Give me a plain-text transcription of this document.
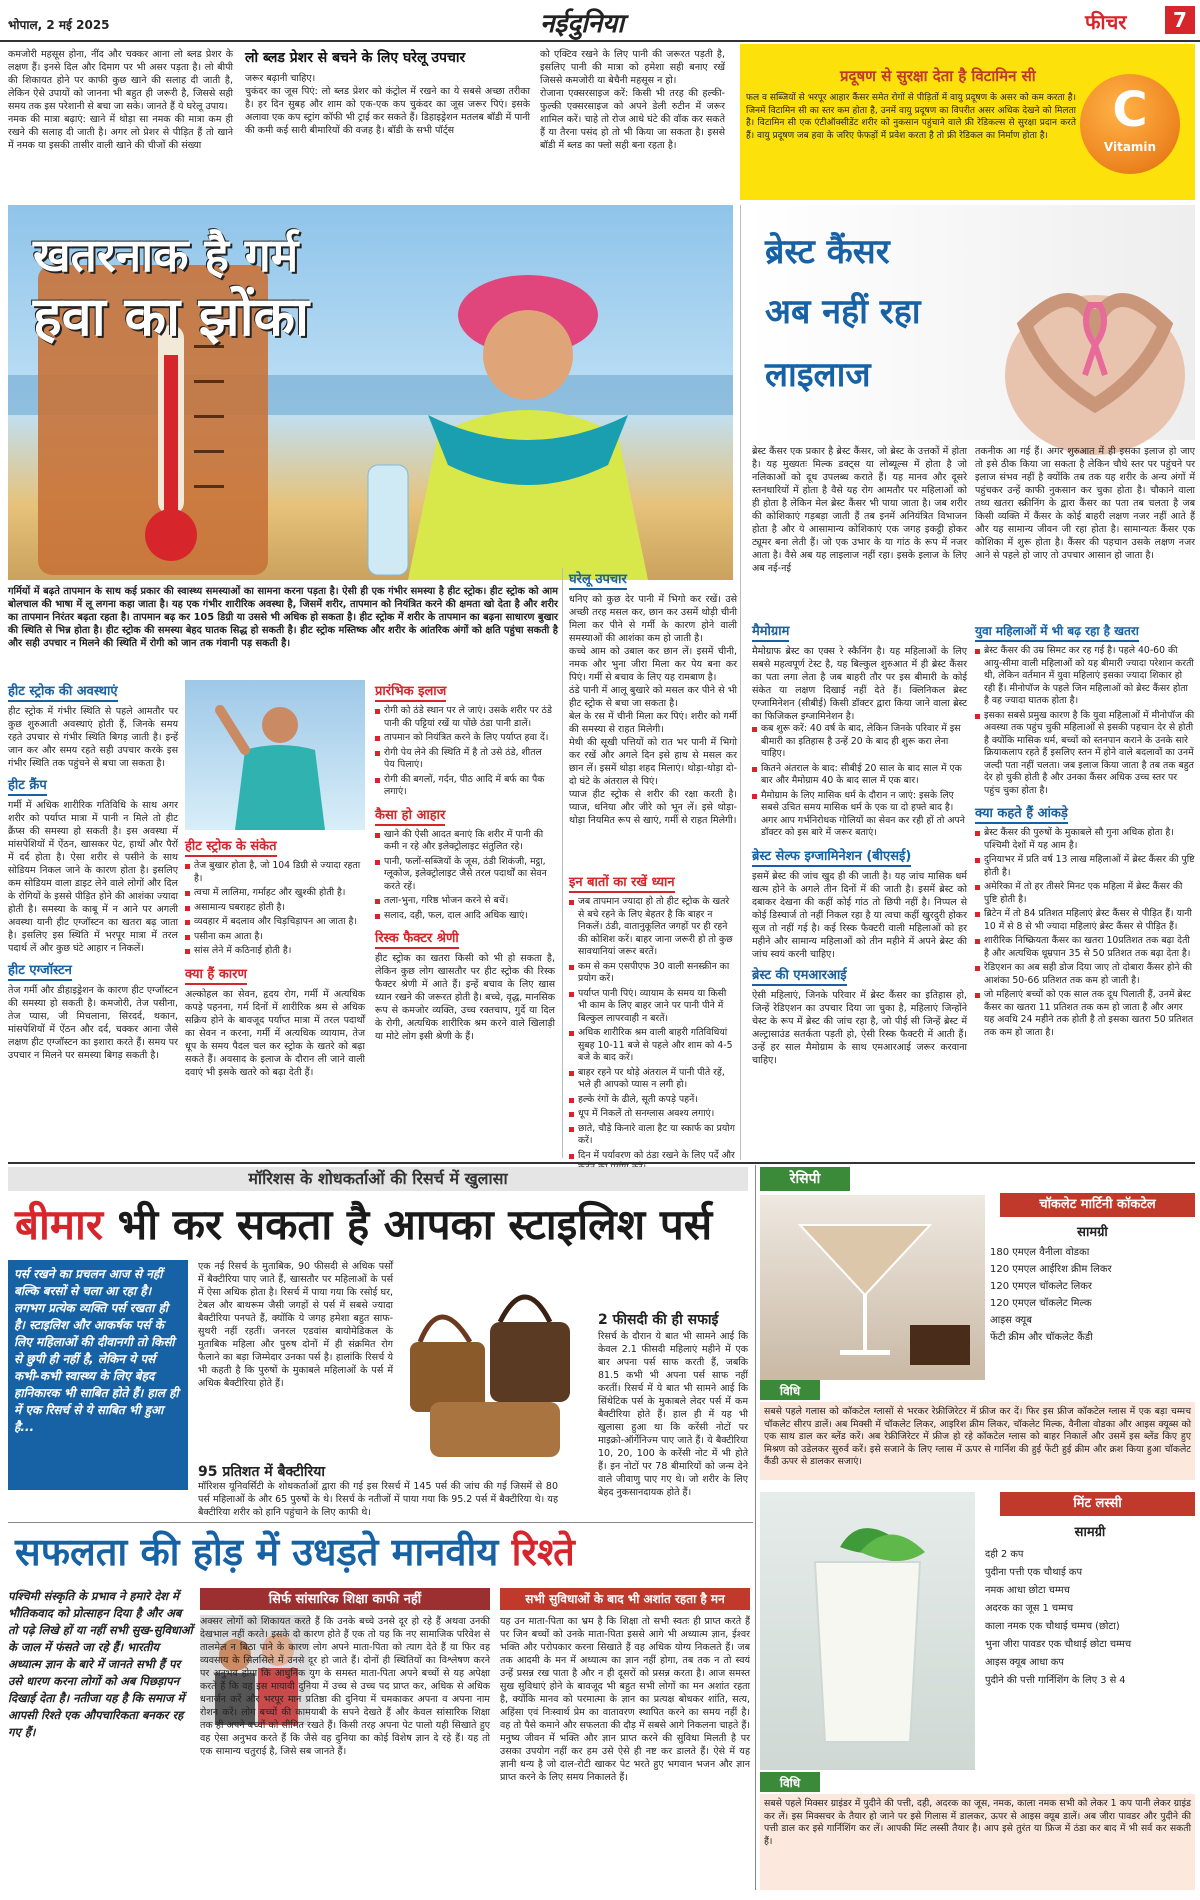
भोपाल, 2 मई 2025	नईदुनिया	फीचर	7
कमजोरी महसूस होना, नींद और चक्कर आना लो ब्लड प्रेशर के लक्षण हैं। इनसे दिल और दिमाग पर भी असर पड़ता है। लो बीपी की शिकायत होने पर काफी कुछ खाने की सलाह दी जाती है, लेकिन ऐसे उपायों को जानना भी बहुत ही जरूरी है, जिससे सही समय तक इस परेशानी से बचा जा सके। जानते हैं ये घरेलू उपाय।
नमक की मात्रा बढ़ाएं: खाने में थोड़ा सा नमक की मात्रा कम ही रखने की सलाह दी जाती है। अगर लो प्रेशर से पीड़ित हैं तो खाने में नमक या इसकी तासीर वाली खाने की चीजों की संख्या
लो ब्लड प्रेशर से बचने के लिए घरेलू उपचार
जरूर बढ़ानी चाहिए।
चुकंदर का जूस पिएं: लो ब्लड प्रेशर को कंट्रोल में रखने का ये सबसे अच्छा तरीका है। हर दिन सुबह और शाम को एक-एक कप चुकंदर का जूस जरूर पिएं। इसके अलावा एक कप स्ट्रांग कॉफी भी ट्राई कर सकते हैं। डिहाइड्रेशन मतलब बॉडी में पानी की कमी कई सारी बीमारियों की वजह है। बॉडी के सभी पॉर्ट्स
को एक्टिव रखने के लिए पानी की जरूरत पड़ती है, इसलिए पानी की मात्रा को हमेशा सही बनाए रखें जिससे कमजोरी या बेचैनी महसूस न हो।
रोजाना एक्सरसाइज करें: किसी भी तरह की हल्की-फुल्की एक्सरसाइज को अपने डेली रुटीन में जरूर शामिल करें। चाहे तो रोज आधे घंटे की वॉक कर सकते हैं या तैरना पसंद हो तो भी किया जा सकता है। इससे बॉडी में ब्लड का फ्लो सही बना रहता है।
प्रदूषण से सुरक्षा देता है विटामिन सी
फल व सब्जियों से भरपूर आहार कैंसर समेत रोगों से पीड़ितों में वायु प्रदूषण के असर को कम करता है। जिनमें विटामिन सी का स्तर कम होता है, उनमें वायु प्रदूषण का विपरीत असर अधिक देखने को मिलता है। विटामिन सी एक एंटीऑक्सीडेंट शरीर को नुकसान पहुंचाने वाले फ्री रेडिकल्स से सुरक्षा प्रदान करते हैं। वायु प्रदूषण जब हवा के जरिए फेफड़ों में प्रवेश करता है तो फ्री रेडिकल का निर्माण होता है।	C
Vitamin
खतरनाक है गर्म
हवा का झोंका
गर्मियों में बढ़ते तापमान के साथ कई प्रकार की स्वास्थ्य समस्याओं का सामना करना पड़ता है। ऐसी ही एक गंभीर समस्या है हीट स्ट्रोक। हीट स्ट्रोक को आम बोलचाल की भाषा में लू लगना कहा जाता है। यह एक गंभीर शारीरिक अवस्था है, जिसमें शरीर, तापमान को नियंत्रित करने की क्षमता खो देता है और शरीर का तापमान निरंतर बढ़ता रहता है। तापमान बढ़ कर 105 डिग्री या उससे भी अधिक हो सकता है। हीट स्ट्रोक में शरीर के तापमान का बढ़ना साधारण बुखार की स्थिति से भिन्न होता है। हीट स्ट्रोक की समस्या बेहद घातक सिद्ध हो सकती है। हीट स्ट्रोक मस्तिष्क और शरीर के आंतरिक अंगों को क्षति पहुंचा सकती है और सही उपचार न मिलने की स्थिति में रोगी को जान तक गंवानी पड़ सकती है।
हीट स्ट्रोक की अवस्थाएं
हीट स्ट्रोक में गंभीर स्थिति से पहले आमतौर पर कुछ शुरुआती अवस्थाएं होती हैं, जिनके समय रहते उपचार से गंभीर स्थिति बिगड़ जाती है। इन्हें जान कर और समय रहते सही उपचार करके इस गंभीर स्थिति तक पहुंचने से बचा जा सकता है।
हीट क्रैंप
गर्मी में अधिक शारीरिक गतिविधि के साथ अगर शरीर को पर्याप्त मात्रा में पानी न मिले तो हीट क्रैंप्स की समस्या हो सकती है। इस अवस्था में मांसपेशियों में ऐंठन, खासकर पेट, हाथों और पैरों में दर्द होता है। ऐसा शरीर से पसीने के साथ सोडियम निकल जाने के कारण होता है। इसलिए कम सोडियम वाला डाइट लेने वाले लोगों और दिल के रोगियों के इससे पीड़ित होने की आशंका ज्यादा होती है। समस्या के काबू में न आने पर अगली अवस्था यानी हीट एग्जॉस्टन का खतरा बढ़ जाता है। इसलिए इस स्थिति में भरपूर मात्रा में तरल पदार्थ लें और कुछ घंटे आहार न निकलें।
हीट एग्जॉस्टन
तेज गर्मी और डीहाइड्रेशन के कारण हीट एग्जॉस्टन की समस्या हो सकती है। कमजोरी, तेज पसीना, तेज प्यास, जी मिचलाना, सिरदर्द, थकान, मांसपेशियों में ऐंठन और दर्द, चक्कर आना जैसे लक्षण हीट एग्जॉस्टन का इशारा करते हैं। समय पर उपचार न मिलने पर समस्या बिगड़ सकती है।
हीट स्ट्रोक के संकेत
तेज बुखार होता है, जो 104 डिग्री से ज्यादा रहता है।
त्वचा में लालिमा, गर्माहट और खुश्की होती है।
असामान्य घबराहट होती है।
व्यवहार में बदलाव और चिड़चिड़ापन आ जाता है।
पसीना कम आता है।
सांस लेने में कठिनाई होती है।
क्या हैं कारण
अल्कोहल का सेवन, हृदय रोग, गर्मी में अत्यधिक कपड़े पहनना, गर्म दिनों में शारीरिक श्रम से अधिक सक्रिय होने के बावजूद पर्याप्त मात्रा में तरल पदार्थों का सेवन न करना, गर्मी में अत्यधिक व्यायाम, तेज धूप के समय पैदल चल कर स्ट्रोक के खतरे को बढ़ा सकते हैं। अवसाद के इलाज के दौरान ली जाने वाली दवाएं भी इसके खतरे को बढ़ा देती हैं।
प्रारंभिक इलाज
रोगी को ठंडे स्थान पर ले जाएं। उसके शरीर पर ठंडे पानी की पट्टियां रखें या पोंछे ठंडा पानी डालें।
तापमान को नियंत्रित करने के लिए पर्याप्त हवा दें।
रोगी पेय लेने की स्थिति में है तो उसे ठंडे, शीतल पेय पिलाएं।
रोगी की बगलों, गर्दन, पीठ आदि में बर्फ का पैक लगाएं।
कैसा हो आहार
खाने की ऐसी आदत बनाएं कि शरीर में पानी की कमी न रहे और इलेक्ट्रोलाइट संतुलित रहे।
पानी, फलों-सब्जियों के जूस, ठंडी शिकंजी, मट्ठा, ग्लूकोज, इलेक्ट्रोलाइट जैसे तरल पदार्थों का सेवन करते रहें।
तला-भुना, गरिष्ठ भोजन करने से बचें।
सलाद, दही, फल, दाल आदि अधिक खाएं।
रिस्क फैक्टर श्रेणी
हीट स्ट्रोक का खतरा किसी को भी हो सकता है, लेकिन कुछ लोग खासतौर पर हीट स्ट्रोक की रिस्क फैक्टर श्रेणी में आते हैं। इन्हें बचाव के लिए खास ध्यान रखने की जरूरत होती है। बच्चे, वृद्ध, मानसिक रूप से कमजोर व्यक्ति, उच्च रक्तचाप, गुर्दे या दिल के रोगी, अत्यधिक शारीरिक श्रम करने वाले खिलाड़ी या मोटे लोग इसी श्रेणी के हैं।
घरेलू उपचार
धनिए को कुछ देर पानी में भिगो कर रखें। उसे अच्छी तरह मसल कर, छान कर उसमें थोड़ी चीनी मिला कर पीने से गर्मी के कारण होने वाली समस्याओं की आशंका कम हो जाती है।
कच्चे आम को उबाल कर छान लें। इसमें चीनी, नमक और भुना जीरा मिला कर पेय बना कर पिएं। गर्मी से बचाव के लिए यह रामबाण है।
ठंडे पानी में आलू बुखारे को मसल कर पीने से भी हीट स्ट्रोक से बचा जा सकता है।
बेल के रस में चीनी मिला कर पिएं। शरीर को गर्मी की समस्या से राहत मिलेगी।
मेथी की सूखी पत्तियों को रात भर पानी में भिगो कर रखें और अगले दिन इसे हाथ से मसल कर छान लें। इसमें थोड़ा शहद मिलाएं। थोड़ा-थोड़ा दो-दो घंटे के अंतराल से पिएं।
प्याज हीट स्ट्रोक से शरीर की रक्षा करती है। प्याज, धनिया और जीरे को भून लें। इसे थोड़ा-थोड़ा नियमित रूप से खाएं, गर्मी से राहत मिलेगी।
इन बातों का रखें ध्यान
जब तापमान ज्यादा हो तो हीट स्ट्रोक के खतरे से बचे रहने के लिए बेहतर है कि बाहर न निकलें। ठंडी, वातानुकूलित जगहों पर ही रहने की कोशिश करें। बाहर जाना जरूरी हो तो कुछ सावधानियां जरूर बरतें।
कम से कम एसपीएफ 30 वाली सनस्क्रीन का प्रयोग करें।
पर्याप्त पानी पिएं। व्यायाम के समय या किसी भी काम के लिए बाहर जाने पर पानी पीने में बिल्कुल लापरवाही न बरतें।
अधिक शारीरिक श्रम वाली बाहरी गतिविधियां सुबह 10-11 बजे से पहले और शाम को 4-5 बजे के बाद करें।
बाहर रहने पर थोड़े अंतराल में पानी पीते रहें, भले ही आपको प्यास न लगी हो।
हल्के रंगों के ढीले, सूती कपड़े पहनें।
धूप में निकलें तो सनग्लास अवश्य लगाएं।
छाते, चौड़े किनारे वाला हैट या स्कार्फ का प्रयोग करें।
दिन में पर्यावरण को ठंडा रखने के लिए पर्दे और
ब्रेस्ट कैंसर
अब नहीं रहा
लाइलाज
ब्रेस्ट कैंसर एक प्रकार है ब्रेस्ट कैंसर, जो ब्रेस्ट के उत्तकों में होता है। यह मुख्यतः मिल्क डक्ट्स या लोब्यूल्स में होता है जो नलिकाओं को दूध उपलब्ध कराते हैं। यह मानव और दूसरे स्तनधारियों में होता है वैसे यह रोग आमतौर पर महिलाओं को ही होता है लेकिन मेल ब्रेस्ट कैंसर भी पाया जाता है। जब शरीर की कोशिकाएं गड़बड़ा जाती हैं तब इनमें अनियंत्रित विभाजन होता है और ये आसामान्य कोशिकाएं एक जगह इकट्ठी होकर ट्यूमर बना लेती हैं। जो एक उभार के या गांठ के रूप में नजर आता है। वैसे अब यह लाइलाज नहीं रहा। इसके इलाज के लिए अब नई-नई
तकनीक आ गई हैं। अगर शुरुआत में ही इसका इलाज हो जाए तो इसे ठीक किया जा सकता है लेकिन चौथे स्तर पर पहुंचने पर इलाज संभव नहीं है क्योंकि तब तक यह शरीर के अन्य अंगों में पहुंचकर उन्हें काफी नुकसान कर चुका होता है। चौकाने वाला तथ्य खतरा स्क्रीनिंग के द्वारा कैंसर का पता तब चलता है जब किसी व्यक्ति में कैंसर के कोई बाहरी लक्षण नजर नहीं आते हैं और यह सामान्य जीवन जी रहा होता है। सामान्यतः कैंसर एक कोशिका में शुरू होता है। कैंसर की पहचान उसके लक्षण नजर आने से पहले हो जाए तो उपचार आसान हो जाता है।
मैमोग्राम
मैमोग्राफ ब्रेस्ट का एक्स रे स्कैनिंग है। यह महिलाओं के लिए सबसे महत्वपूर्ण टेस्ट है, यह बिल्कुल शुरुआत में ही ब्रेस्ट कैंसर का पता लगा लेता है जब बाहरी तौर पर इस बीमारी के कोई संकेत या लक्षण दिखाई नहीं देते हैं। क्लिनिकल ब्रेस्ट एग्जामिनेशन (सीबीई) किसी डॉक्टर द्वारा किया जाने वाला ब्रेस्ट का फिजिकल इग्जामिनेशन है।
कब शुरू करें: 40 वर्ष के बाद, लेकिन जिनके परिवार में इस बीमारी का इतिहास है उन्हें 20 के बाद ही शुरू करा लेना चाहिए।
कितने अंतराल के बाद: सीबीई 20 साल के बाद साल में एक बार और मैमोग्राम 40 के बाद साल में एक बार।
मैमोग्राम के लिए मासिक धर्म के दौरान न जाएं: इसके लिए सबसे उचित समय मासिक धर्म के एक या दो हफ्ते बाद है। अगर आप गर्भनिरोधक गोलियों का सेवन कर रही हों तो अपने डॉक्टर को इस बारे में जरूर बताएं।
ब्रेस्ट सेल्फ इग्जामिनेशन (बीएसई)
इसमें ब्रेस्ट की जांच खुद ही की जाती है। यह जांच मासिक धर्म खत्म होने के अगले तीन दिनों में की जाती है। इसमें ब्रेस्ट को दबाकर देखना की कहीं कोई गांठ तो छिपी नहीं है। निप्पल से कोई डिस्चार्ज तो नहीं निकल रहा है या त्वचा कहीं खुरदुरी होकर सूज तो नहीं गई है। कई रिस्क फैक्टरी वाली महिलाओं को हर महीने और सामान्य महिलाओं को तीन महीने में अपने ब्रेस्ट की जांच स्वयं करनी चाहिए।
ब्रेस्ट की एमआरआई
ऐसी महिलाएं, जिनके परिवार में ब्रेस्ट कैंसर का इतिहास हो, जिन्हें रेडिएशन का उपचार दिया जा चुका है, महिलाएं जिन्होंने चेस्ट के रूप में ब्रेस्ट की जांच रहा है, जो पीई सी जिन्हें ब्रेस्ट में अल्ट्रासाउंड सतर्कता पड़ती हो, ऐसी रिस्क फैक्टरी में आती हैं। उन्हें हर साल मैमोग्राम के साथ एमआरआई जरूर करवाना चाहिए।
युवा महिलाओं में भी बढ़ रहा है खतरा
ब्रेस्ट कैंसर की उम्र सिमट कर रह गई है। पहले 40-60 की आयु-सीमा वाली महिलाओं को यह बीमारी ज्यादा परेशान करती थी, लेकिन वर्तमान में युवा महिलाएं इसका ज्यादा शिकार हो रही हैं। मीनोपॉज के पहले जिन महिलाओं को ब्रेस्ट कैंसर होता है वह ज्यादा घातक होता है।
इसका सबसे प्रमुख कारण है कि युवा महिलाओं में मीनोपॉज की अवस्था तक पहुंच चुकी महिलाओं से इसकी पहचान देर से होती है क्योंकि मासिक धर्म, बच्चों को स्तनपान कराने के उनके सारे क्रियाकलाप रहते हैं इसलिए स्तन में होने वाले बदलावों का उनमें जल्दी पता नहीं चलता। जब इलाज किया जाता है तब तक बहुत देर हो चुकी होती है और उनका कैंसर अधिक उच्च स्तर पर पहुंच चुका होता है।
क्या कहते हैं आंकड़े
ब्रेस्ट कैंसर की पुरुषों के मुकाबले सौ गुना अधिक होता है। पश्चिमी देशों में यह आम है।
दुनियाभर में प्रति वर्ष 13 लाख महिलाओं में ब्रेस्ट कैंसर की पुष्टि होती है।
अमेरिका में तो हर तीसरे मिनट एक महिला में ब्रेस्ट कैंसर की पुष्टि होती है।
ब्रिटेन में तो 84 प्रतिशत महिलाएं ब्रेस्ट कैंसर से पीड़ित हैं। यानी 10 में से 8 से भी ज्यादा महिलाएं ब्रेस्ट कैंसर से पीड़ित हैं।
शारीरिक निष्क्रियता कैंसर का खतरा 10प्रतिशत तक बढ़ा देती है और अत्यधिक धूम्रपान 35 से 50 प्रतिशत तक बढ़ा देता है।
रेडिएशन का अब सही डोज दिया जाए तो दोबारा कैंसर होने की आशंका 50-66 प्रतिशत तक कम हो जाती है।
जो महिलाएं बच्चों को एक साल तक दूध पिलाती हैं, उनमें ब्रेस्ट कैंसर का खतरा 11 प्रतिशत तक कम हो जाता है और अगर यह अवधि 24 महीने तक होती है तो इसका खतरा 50 प्रतिशत तक कम हो जाता है।
मॉरिशस के शोधकर्ताओं की रिसर्च में खुलासा
बीमार भी कर सकता है आपका स्टाइलिश पर्स
पर्स रखने का प्रचलन आज से नहीं बल्कि बरसों से चला आ रहा है। लगभग प्रत्येक व्यक्ति पर्स रखता ही है। स्टाइलिश और आकर्षक पर्स के लिए महिलाओं की दीवानगी तो किसी से छुपी ही नहीं है, लेकिन ये पर्स कभी-कभी स्वास्थ्य के लिए बेहद हानिकारक भी साबित होते हैं। हाल ही में एक रिसर्च से ये साबित भी हुआ है...
एक नई रिसर्च के मुताबिक, 90 फीसदी से अधिक पर्सों में बैक्टीरिया पाए जाते हैं, खासतौर पर महिलाओं के पर्स में ऐसा अधिक होता है। रिसर्च में पाया गया कि रसोई घर, टेबल और बाथरूम जैसी जगहों से पर्स में सबसे ज्यादा बैक्टीरिया पनपते हैं, क्योंकि ये जगह हमेशा बहुत साफ-सुथरी नहीं रहतीं। जनरल एडवांस बायोमेडिकल के मुताबिक महिला और पुरुष दोनों में ही संक्रमित रोग फैलाने का बड़ा जिम्मेदार उनका पर्स है। हालांकि रिसर्च ये भी कहती है कि पुरुषों के मुकाबले महिलाओं के पर्स में अधिक बैक्टीरिया होते हैं।
95 प्रतिशत में बैक्टीरिया
मॉरिशस यूनिवर्सिटी के शोधकर्ताओं द्वारा की गई इस रिसर्च में 145 पर्स की जांच की गई जिसमें से 80 पर्स महिलाओं के और 65 पुरुषों के थे। रिसर्च के नतीजों में पाया गया कि 95.2 पर्स में बैक्टीरिया थे। यह बैक्टीरिया शरीर को हानि पहुंचाने के लिए काफी थे।
2 फीसदी की ही सफाई
रिसर्च के दौरान ये बात भी सामने आई कि केवल 2.1 फीसदी महिलाएं महीने में एक बार अपना पर्स साफ करती हैं, जबकि 81.5 कभी भी अपना पर्स साफ नहीं करतीं। रिसर्च में ये बात भी सामने आई कि सिंथेटिक पर्स के मुकाबले लेदर पर्स में कम बैक्टीरिया होते हैं। हाल ही में यह भी खुलासा हुआ था कि करेंसी नोटों पर माइक्रो-ऑर्गेनिज्म पाए जाते हैं। ये बैक्टीरिया 10, 20, 100 के करेंसी नोट में भी होते हैं। इन नोटों पर 78 बीमारियों को जन्म देने वाले जीवाणु पाए गए थे। जो शरीर के लिए बेहद नुकसानदायक होते हैं।
सफलता की होड़ में उधड़ते मानवीय रिश्ते
पश्चिमी संस्कृति के प्रभाव ने हमारे देश में भौतिकवाद को प्रोत्साहन दिया है और अब तो पढ़े लिखे हों या नहीं सभी सुख-सुविधाओं के जाल में फंसते जा रहे हैं। भारतीय अध्यात्म ज्ञान के बारे में जानते सभी हैं पर उसे धारण करना लोगों को अब पिछड़ापन दिखाई देता है। नतीजा यह है कि समाज में आपसी रिश्ते एक औपचारिकता बनकर रह गए हैं।
सिर्फ सांसारिक शिक्षा काफी नहीं
अक्सर लोगों को शिकायत करते हैं कि उनके बच्चे उनसे दूर हो रहे हैं अथवा उनकी देखभाल नहीं करते। इसके दो कारण होते हैं एक तो यह कि नए सामाजिक परिवेश से तालमेल न बिठा पाने के कारण लोग अपने माता-पिता को त्याग देते हैं या फिर वह व्यवसाय के सिलसिले में उनसे दूर हो जाते हैं। दोनों ही स्थितियों का विश्लेषण करने पर अनुभव होगा कि आधुनिक युग के समस्त माता-पिता अपने बच्चों से यह अपेक्षा करते हैं कि वह इस मायावी दुनिया में उच्च से उच्च पद प्राप्त कर, अधिक से अधिक धनार्जन करें और भरपूर मान प्रतिष्ठा की दुनिया में चमकाकर अपना व अपना नाम रोशन करें। लोग बच्चों की कामयाबी के सपने देखते हैं और केवल सांसारिक शिक्षा तक ही अपने बच्चों को सीमित रखते हैं। किसी तरह अपना पेट पालो यही सिखाते हुए वह ऐसा अनुभव करते हैं कि जैसे वह दुनिया का कोई विशेष ज्ञान दे रहे हैं। यह तो एक सामान्य चतुराई है, जिसे सब जानते हैं।
सभी सुविधाओं के बाद भी अशांत रहता है मन
यह उन माता-पिता का भ्रम है कि शिक्षा तो सभी स्वतः ही प्राप्त करते हैं पर जिन बच्चों को उनके माता-पिता इससे आगे भी अध्यात्म ज्ञान, ईश्वर भक्ति और परोपकार करना सिखाते हैं वह अधिक योग्य निकलते हैं। जब तक आदमी के मन में अध्यात्म का ज्ञान नहीं होगा, तब तक न तो स्वयं उन्हें प्रसन्न रख पाता है और न ही दूसरों को प्रसन्न करता है। आज समस्त सुख सुविधाएं होने के बावजूद भी बहुत सभी लोगों का मन अशांत रहता है, क्योंकि मानव को परमात्मा के ज्ञान का प्रत्यक्ष बोधकर शांति, सत्य, अहिंसा एवं निःस्वार्थ प्रेम का वातावरण स्थापित करने का समय नहीं है। वह तो पैसे कमाने और सफलता की दौड़ में सबसे आगे निकलना चाहते हैं। मनुष्य जीवन में भक्ति और ज्ञान प्राप्त करने की सुविधा मिलती है पर उसका उपयोग नहीं कर हम उसे ऐसे ही नष्ट कर डालते हैं। ऐसे में यह ज्ञानी धन्य है जो दाल-रोटी खाकर पेट भरते हुए भगवान भजन और ज्ञान प्राप्त करने के लिए समय निकालते हैं।
रेसिपी
चॉकलेट मार्टिनी कॉकटेल
सामग्री
180 एमएल वैनीला वोडका
120 एमएल आईरिश क्रीम लिकर
120 एमएल चॉकलेट लिकर
120 एमएल चॉकलेट मिल्क
आइस क्यूब
फेंटी क्रीम और चॉकलेट कैंडी
विधि
सबसे पहले गलास को कॉकटेल ग्लासों से भरकर रेफ्रीजिरेटर में फ्रीज कर दें। फिर इस फ्रीज कॉकटेल ग्लास में एक बड़ा चम्मच चॉकलेट सीरप डालें। अब मिक्सी में चॉकलेट लिकर, आइरिश क्रीम लिकर, चॉकलेट मिल्क, वैनीला वोडका और आइस क्यूब्स को एक साथ डाल कर ब्लेंड करें। अब रेफ्रीजिरेटर में फ्रीज हो रहे कॉकटेल ग्लास को बाहर निकालें और उसमें इस ब्लेंड किए हुए मिश्रण को उडेलकर सुरुर्व करें। इसे सजाने के लिए ग्लास में ऊपर से गार्निश की हुई फेंटी हुई क्रीम और क्रश किया हुआ चॉकलेट कैंडी ऊपर से डालकर सजाएं।
मिंट लस्सी
सामग्री
दही 2 कप
पुदीना पत्ती एक चौथाई कप
नमक आधा छोटा चम्मच
अदरक का जूस 1 चम्मच
काला नमक एक चौथाई चम्मच (छोटा)
भुना जीरा पावडर एक चौथाई छोटा चम्मच
आइस क्यूब आधा कप
पुदीने की पत्ती गार्निशिंग के लिए 3 से 4
विधि
सबसे पहले मिक्सर ग्राइंडर में पुदीने की पत्ती, दही, अदरक का जूस, नमक, काला नमक सभी को लेकर 1 कप पानी लेकर ग्राइंड कर लें। इस मिक्सचर के तैयार हो जाने पर इसे गिलास में डालकर, ऊपर से आइस क्यूब डालें। अब जीरा पावडर और पुदीने की पत्ती डाल कर इसे गार्निशिंग कर लें। आपकी मिंट लस्सी तैयार है। आप इसे तुरंत या फ्रिज में ठंडा कर बाद में भी सर्व कर सकती हैं।
